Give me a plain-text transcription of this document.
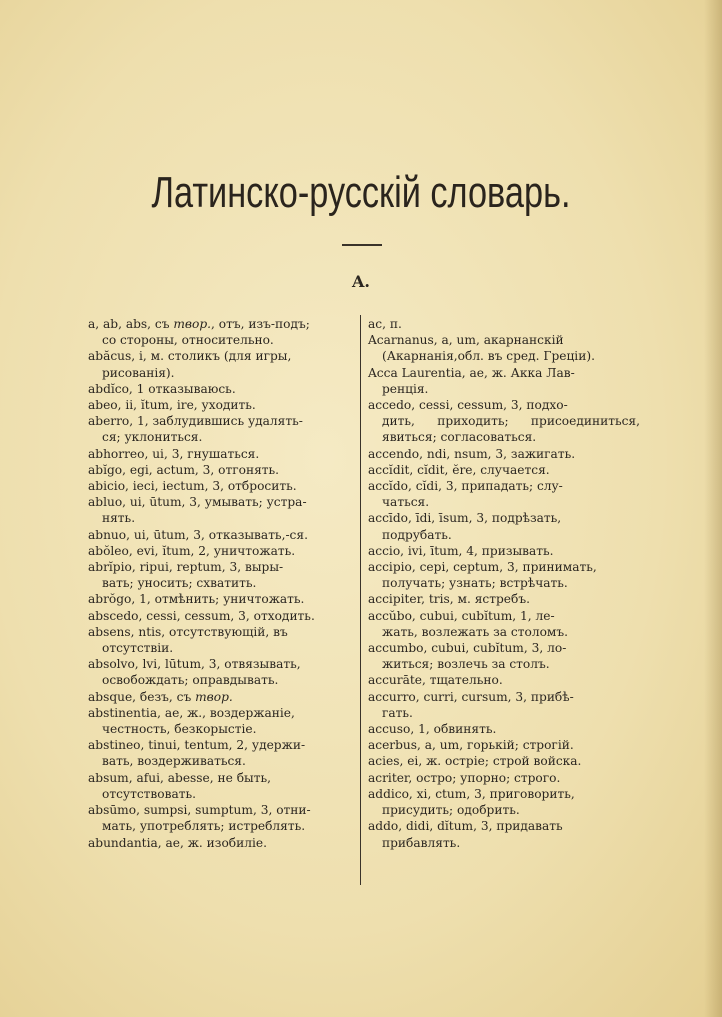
Латинско-русскій словарь.
A.

a, ab, abs, съ твор., отъ, изъ-подъ;
со стороны, относительно.

abăcus, i, м. столикъ (для игры,
рисованія).

abdĭco, 1 отказываюсь.

abeo, ii, ĭtum, ire, уходить.

aberro, 1, заблудившись удалять-
ся; уклониться.

abhorreo, ui, 3, гнушаться.

abĭgo, egi, actum, 3, отгонять.

abicio, ieci, iectum, 3, отбросить.

abluo, ui, ūtum, 3, умывать; устра-
нять.

abnuo, ui, ūtum, 3, отказывать,-ся.

abŏleo, evi, ĭtum, 2, уничтожать.

abrĭpio, ripui, reptum, 3, выры-
вать; уносить; схватить.

abrŏgo, 1, отмѣнить; уничтожать.

abscedo, cessi, cessum, 3, отходить.

absens, ntis, отсутствующій, въ
отсутствіи.

absolvo, lvi, lūtum, 3, отвязывать,
освобождать; оправдывать.

absque, безъ, съ твор.

abstinentia, ae, ж., воздержаніе,
честность, безкорыстіе.

abstineo, tinui, tentum, 2, удержи-
вать, воздерживаться.

absum, afui, abesse, не быть,
отсутствовать.

absūmo, sumpsi, sumptum, 3, отни-
мать, употреблять; истреблять.

abundantia, ae, ж. изобиліе.

ac, п.

Acarnanus, a, um, акарнанскій
(Акарнанія,обл. въ сред. Греціи).

Acca Laurentia, ae, ж. Акка Лав-
ренція.

accedo, cessi, cessum, 3, подхо-
дить, приходить; присоединиться, явиться; согласоваться.

accendo, ndi, nsum, 3, зажигать.

accĭdit, cĭdit, ĕre, случается.

accĭdo, cĭdi, 3, припадать; слу-
чаться.

accīdo, īdi, īsum, 3, подрѣзать,
подрубать.

accio, ivi, ītum, 4, призывать.

accipio, cepi, ceptum, 3, принимать,
получать; узнать; встрѣчать.

accipiter, tris, м. ястребъ.

accŭbo, cubui, cubĭtum, 1, ле-
жать, возлежать за столомъ.

accumbo, cubui, cubĭtum, 3, ло-
житься; возлечь за столъ.

accurāte, тщательно.

accurro, curri, cursum, 3, прибѣ-
гать.

accuso, 1, обвинять.

acerbus, a, um, горькій; строгій.

acies, ei, ж. остріе; строй войска.

acriter, остро; упорно; строго.

addico, xi, ctum, 3, приговорить,
присудить; одобрить.

addo, didi, dĭtum, 3, придавать
прибавлять.
